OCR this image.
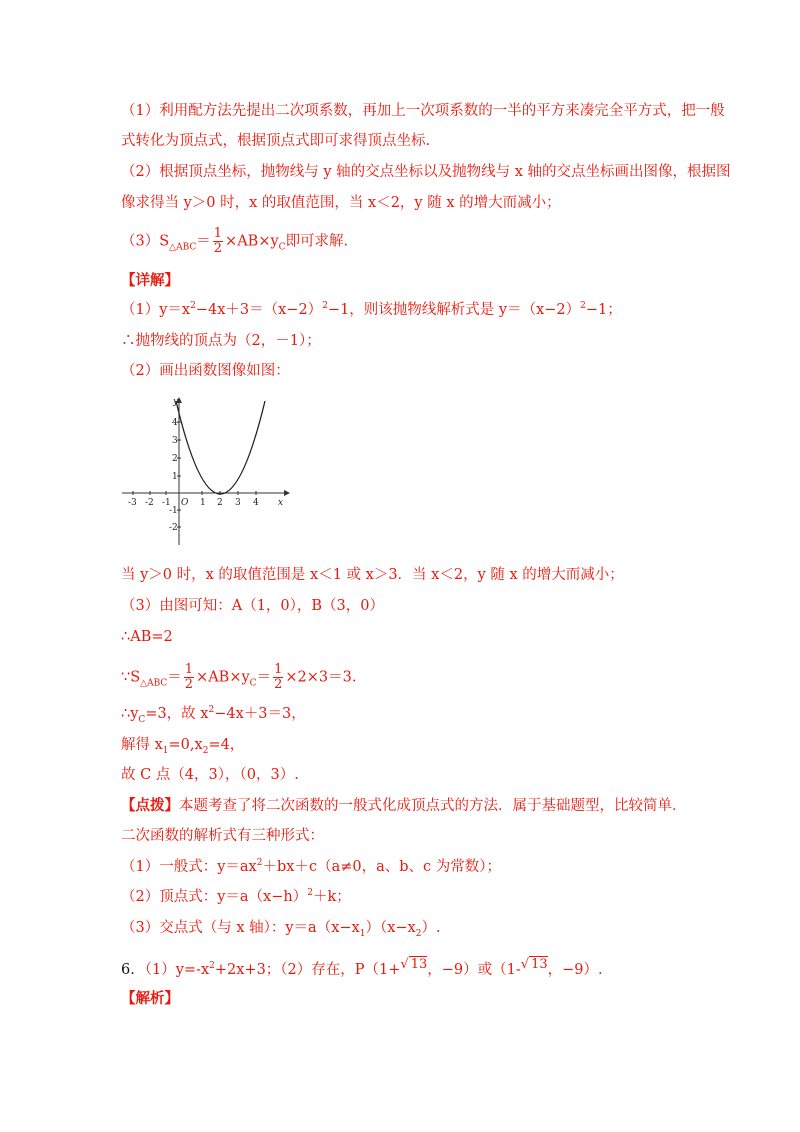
（1）利用配方法先提出二次项系数，再加上一次项系数的一半的平方来凑完全平方式，把一般
式转化为顶点式，根据顶点式即可求得顶点坐标.
（2）根据顶点坐标，抛物线与 y 轴的交点坐标以及抛物线与 x 轴的交点坐标画出图像，根据图
像求得当 y＞0 时，x 的取值范围，当 x＜2，y 随 x 的增大而减小；
$(3)S_{\triangle ABC}= \frac{1}{2} \times AB\times y_C$即可求解.
【详解】
$(1)y=x^2-4x+3=(x-2)^2-1$，则该抛物线解析式是 $y=(x-2)^2-1$；
∴抛物线的顶点为（2，－1）；
（2）画出函数图像如图：
-3 -2 -1 O 1 2 3 4 x
1
2
3
4
-1
-2
y
当 y＞0 时，x 的取值范围是 x＜1 或 x＞3．当 x＜2，y 随 x 的增大而减小；
（3）由图可知：A（1，0），B（3，0）
∴AB=2
$\because S_{\triangle ABC}= \frac{1}{2} \times AB\times y_C= \frac{1}{2} \times 2\times 3=3$.
$\therefore y_C=3$，故 $x^2-4x+3=3$，
解得 $x_1=0,x_2=4$，
故 C 点（4，3），（0，3）.
【点拨】本题考查了将二次函数的一般式化成顶点式的方法．属于基础题型，比较简单．
二次函数的解析式有三种形式：
（1）一般式：$y=ax^2+bx+c(a\ne 0$，a、b、c 为常数）；
（2）顶点式：$y=a(x-h)^2+k$；
（3）交点式（与 x 轴）：$y=a(x-x_1)(x-x_2)$.
6．$(1)y=-x^2+2x+3$；（2）存在，P（1+√ 13，−9）或（1-√ 13，−9）.
【解析】
